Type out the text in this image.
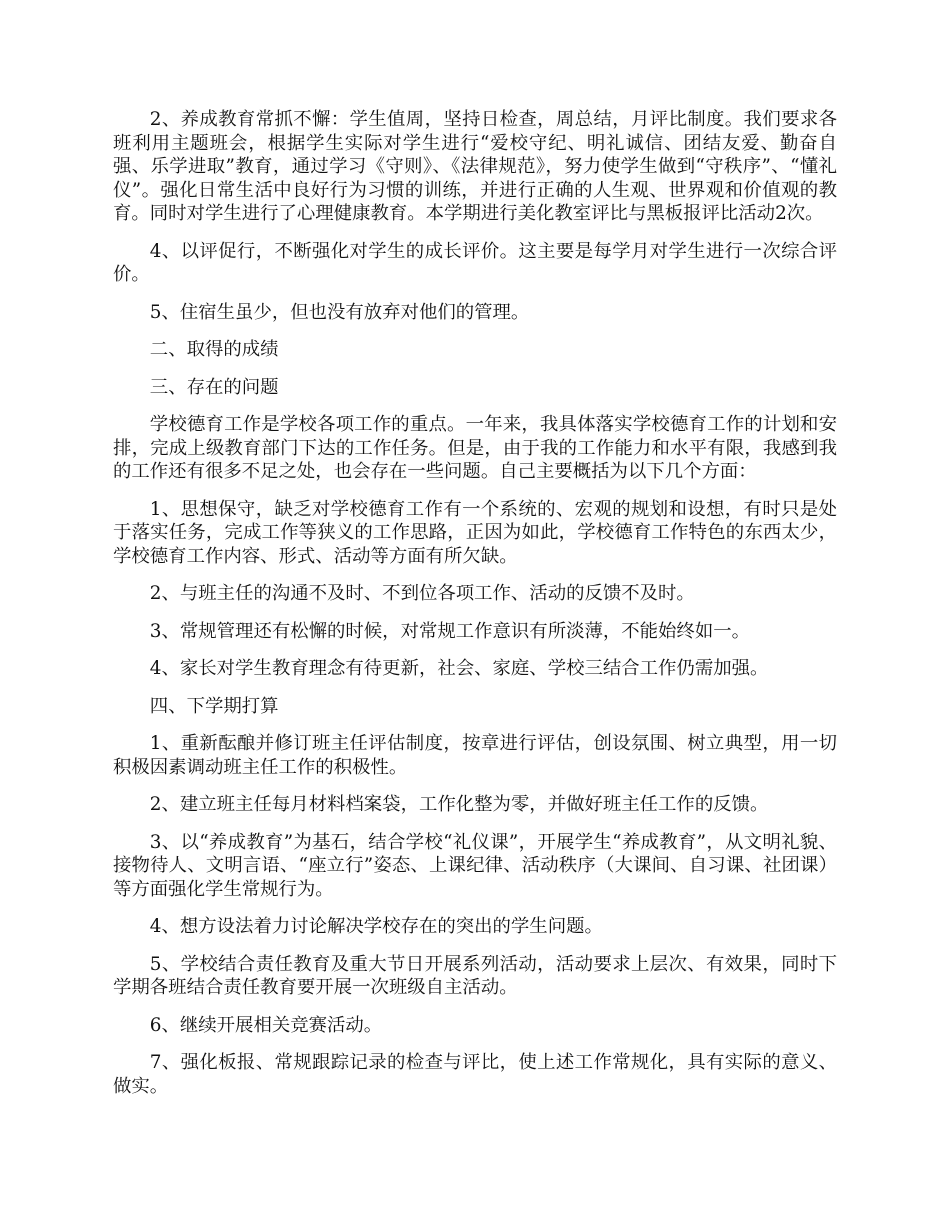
2、养成教育常抓不懈：学生值周，坚持日检查，周总结，月评比制度。我们要求各班利用主题班会，根据学生实际对学生进行“爱校守纪、明礼诚信、团结友爱、勤奋自强、乐学进取”教育，通过学习《守则》、《法律规范》，努力使学生做到“守秩序”、“懂礼仪”。强化日常生活中良好行为习惯的训练，并进行正确的人生观、世界观和价值观的教育。同时对学生进行了心理健康教育。本学期进行美化教室评比与黑板报评比活动2次。

4、以评促行，不断强化对学生的成长评价。这主要是每学月对学生进行一次综合评价。

5、住宿生虽少，但也没有放弃对他们的管理。

二、取得的成绩

三、存在的问题

学校德育工作是学校各项工作的重点。一年来，我具体落实学校德育工作的计划和安排，完成上级教育部门下达的工作任务。但是，由于我的工作能力和水平有限，我感到我的工作还有很多不足之处，也会存在一些问题。自己主要概括为以下几个方面：

1、思想保守，缺乏对学校德育工作有一个系统的、宏观的规划和设想，有时只是处于落实任务，完成工作等狭义的工作思路，正因为如此，学校德育工作特色的东西太少，学校德育工作内容、形式、活动等方面有所欠缺。

2、与班主任的沟通不及时、不到位各项工作、活动的反馈不及时。

3、常规管理还有松懈的时候，对常规工作意识有所淡薄，不能始终如一。

4、家长对学生教育理念有待更新，社会、家庭、学校三结合工作仍需加强。

四、下学期打算

1、重新酝酿并修订班主任评估制度，按章进行评估，创设氛围、树立典型，用一切积极因素调动班主任工作的积极性。

2、建立班主任每月材料档案袋，工作化整为零，并做好班主任工作的反馈。

3、以“养成教育”为基石，结合学校“礼仪课”，开展学生“养成教育”，从文明礼貌、接物待人、文明言语、“座立行”姿态、上课纪律、活动秩序（大课间、自习课、社团课）等方面强化学生常规行为。

4、想方设法着力讨论解决学校存在的突出的学生问题。

5、学校结合责任教育及重大节日开展系列活动，活动要求上层次、有效果，同时下学期各班结合责任教育要开展一次班级自主活动。

6、继续开展相关竞赛活动。

7、强化板报、常规跟踪记录的检查与评比，使上述工作常规化，具有实际的意义、做实。
